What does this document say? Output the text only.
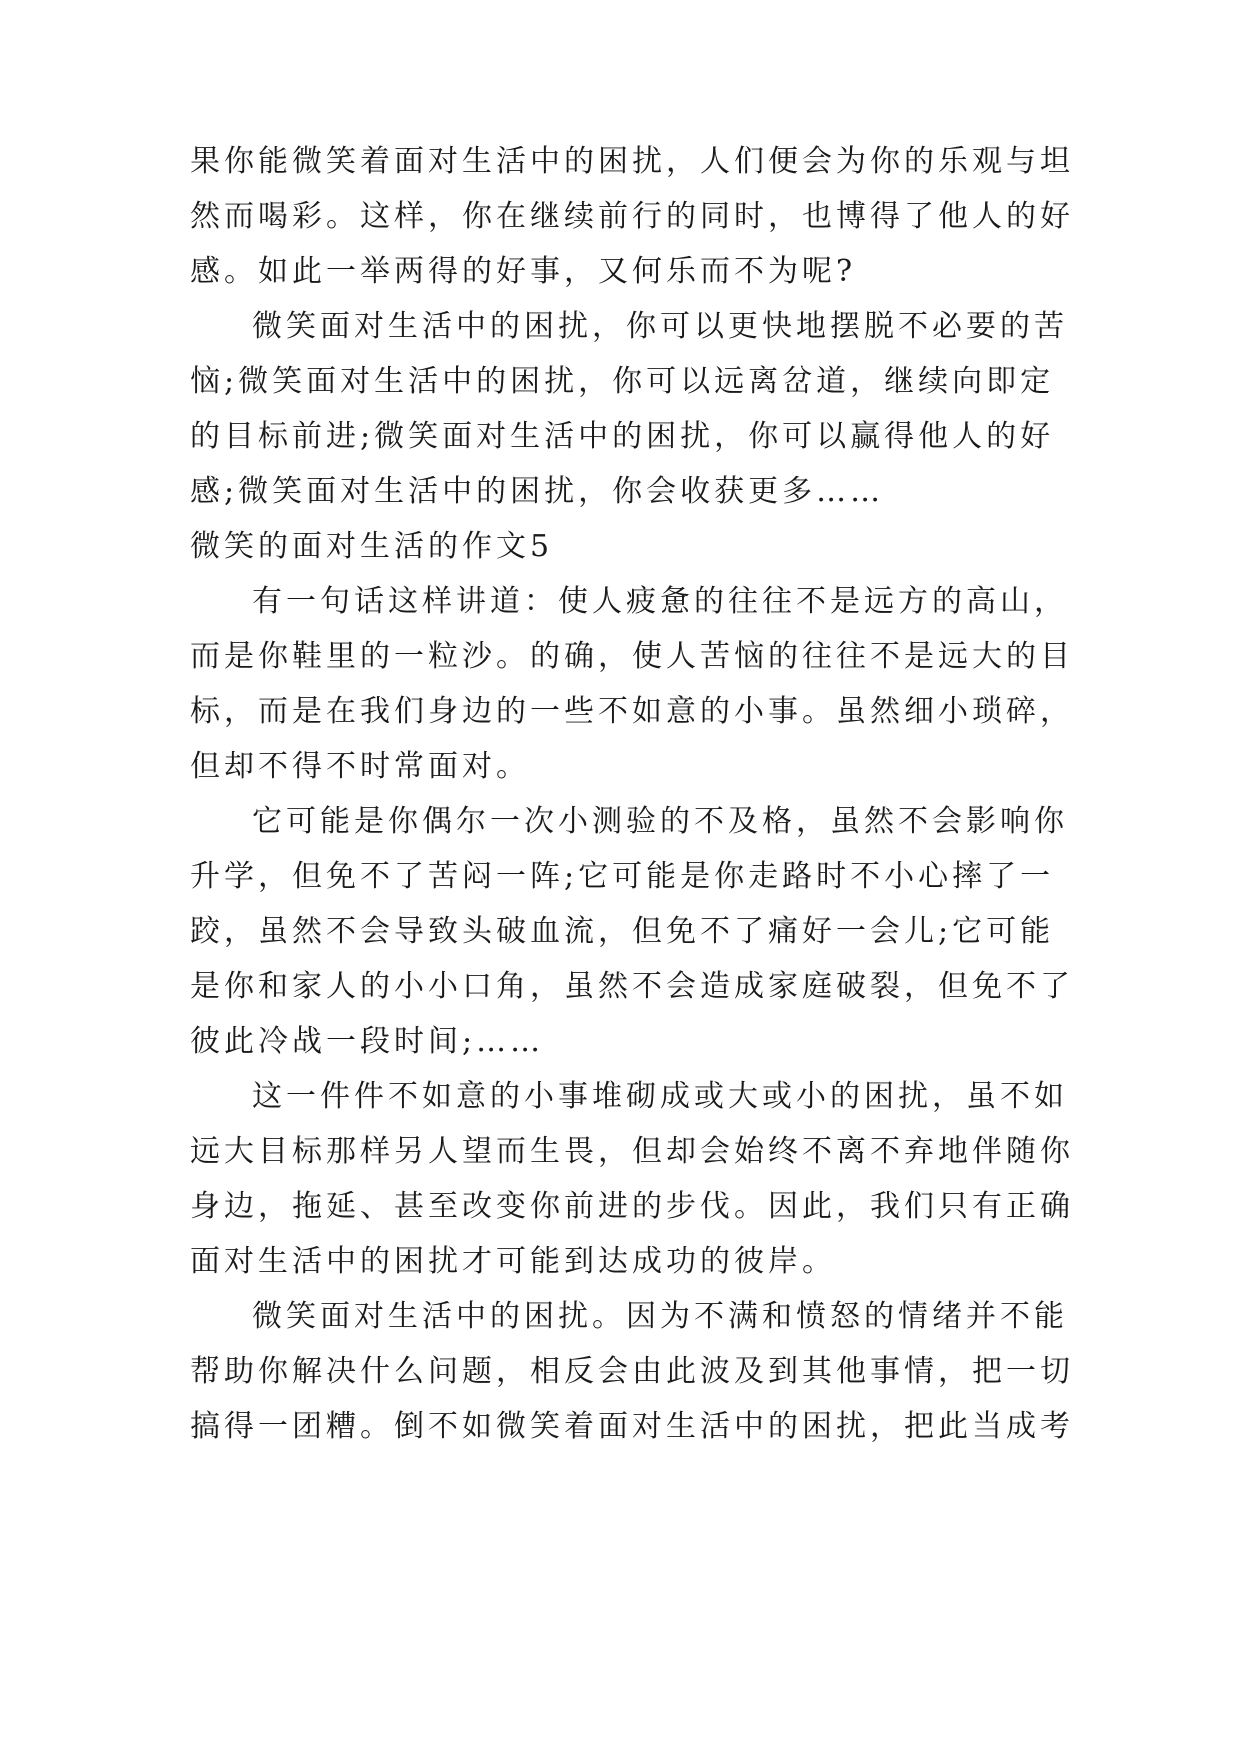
果你能微笑着面对生活中的困扰，人们便会为你的乐观与坦
然而喝彩。这样，你在继续前行的同时，也博得了他人的好
感。如此一举两得的好事，又何乐而不为呢?
微笑面对生活中的困扰，你可以更快地摆脱不必要的苦
恼;微笑面对生活中的困扰，你可以远离岔道，继续向即定
的目标前进;微笑面对生活中的困扰，你可以赢得他人的好
感;微笑面对生活中的困扰，你会收获更多……
微笑的面对生活的作文5
有一句话这样讲道：使人疲惫的往往不是远方的高山，
而是你鞋里的一粒沙。的确，使人苦恼的往往不是远大的目
标，而是在我们身边的一些不如意的小事。虽然细小琐碎，
但却不得不时常面对。
它可能是你偶尔一次小测验的不及格，虽然不会影响你
升学，但免不了苦闷一阵;它可能是你走路时不小心摔了一
跤，虽然不会导致头破血流，但免不了痛好一会儿;它可能
是你和家人的小小口角，虽然不会造成家庭破裂，但免不了
彼此冷战一段时间;……
这一件件不如意的小事堆砌成或大或小的困扰，虽不如
远大目标那样另人望而生畏，但却会始终不离不弃地伴随你
身边，拖延、甚至改变你前进的步伐。因此，我们只有正确
面对生活中的困扰才可能到达成功的彼岸。
微笑面对生活中的困扰。因为不满和愤怒的情绪并不能
帮助你解决什么问题，相反会由此波及到其他事情，把一切
搞得一团糟。倒不如微笑着面对生活中的困扰，把此当成考
